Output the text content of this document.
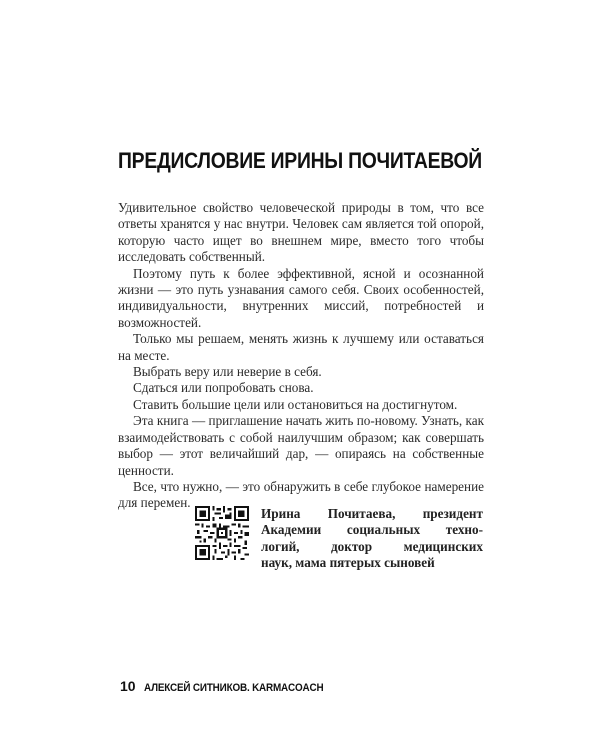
ПРЕДИСЛОВИЕ ИРИНЫ ПОЧИТАЕВОЙ

Удивительное свойство человеческой природы в том, что все ответы хранятся у нас внутри. Человек сам является той опорой, которую часто ищет во внешнем мире, вместо того чтобы исследовать собственный.

Поэтому путь к более эффективной, ясной и осознанной жизни — это путь узнавания самого себя. Своих особенностей, индивидуальности, внутренних миссий, потребностей и возможностей.

Только мы решаем, менять жизнь к лучшему или оставаться на месте.

Выбрать веру или неверие в себя.

Сдаться или попробовать снова.

Ставить большие цели или остановиться на достигнутом.

Эта книга — приглашение начать жить по-новому. Узнать, как взаимодействовать с собой наилучшим образом; как совершать выбор — этот величайший дар, — опираясь на собственные ценности.

Все, что нужно, — это обнаружить в себе глубокое намерение для перемен.

Ирина Почитаева, президент
Академии социальных техно-
логий, доктор медицинских
наук, мама пятерых сыновей
10 АЛЕКСЕЙ СИТНИКОВ. KARMACOACH
